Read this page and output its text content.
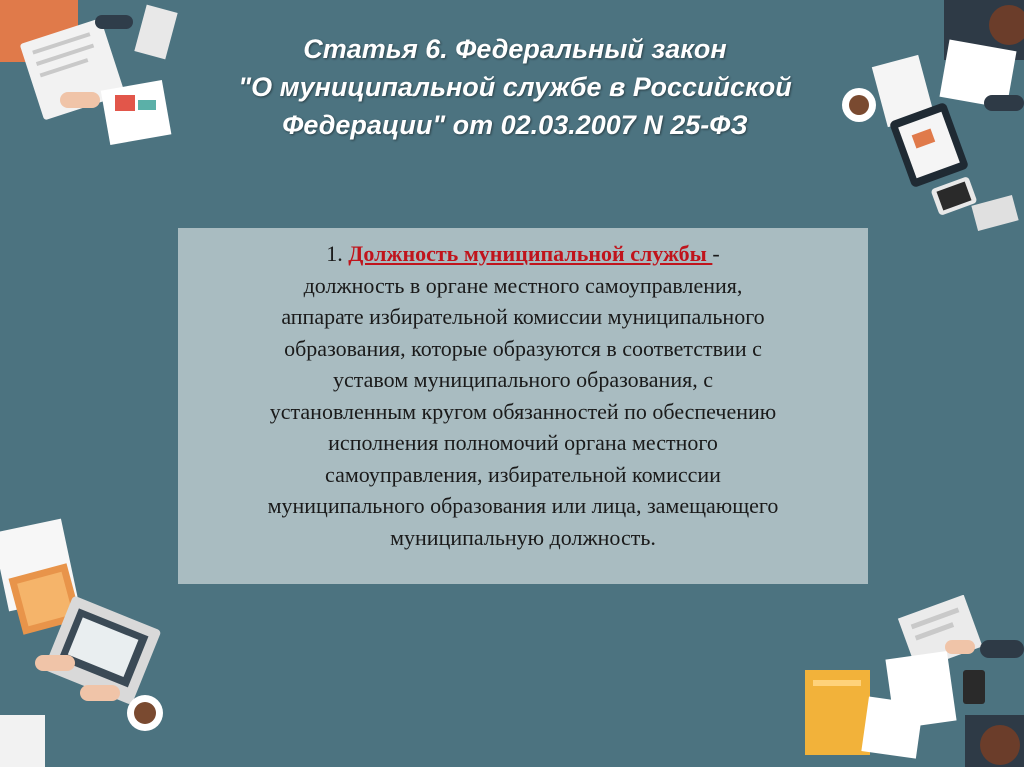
Статья 6. Федеральный закон
"О муниципальной службе в Российской
Федерации" от 02.03.2007 N 25-ФЗ
1. Должность муниципальной службы -
должность в органе местного самоуправления,
аппарате избирательной комиссии муниципального
образования, которые образуются в соответствии с
уставом муниципального образования, с
установленным кругом обязанностей по обеспечению
исполнения полномочий органа местного
самоуправления, избирательной комиссии
муниципального образования или лица, замещающего
муниципальную должность.
